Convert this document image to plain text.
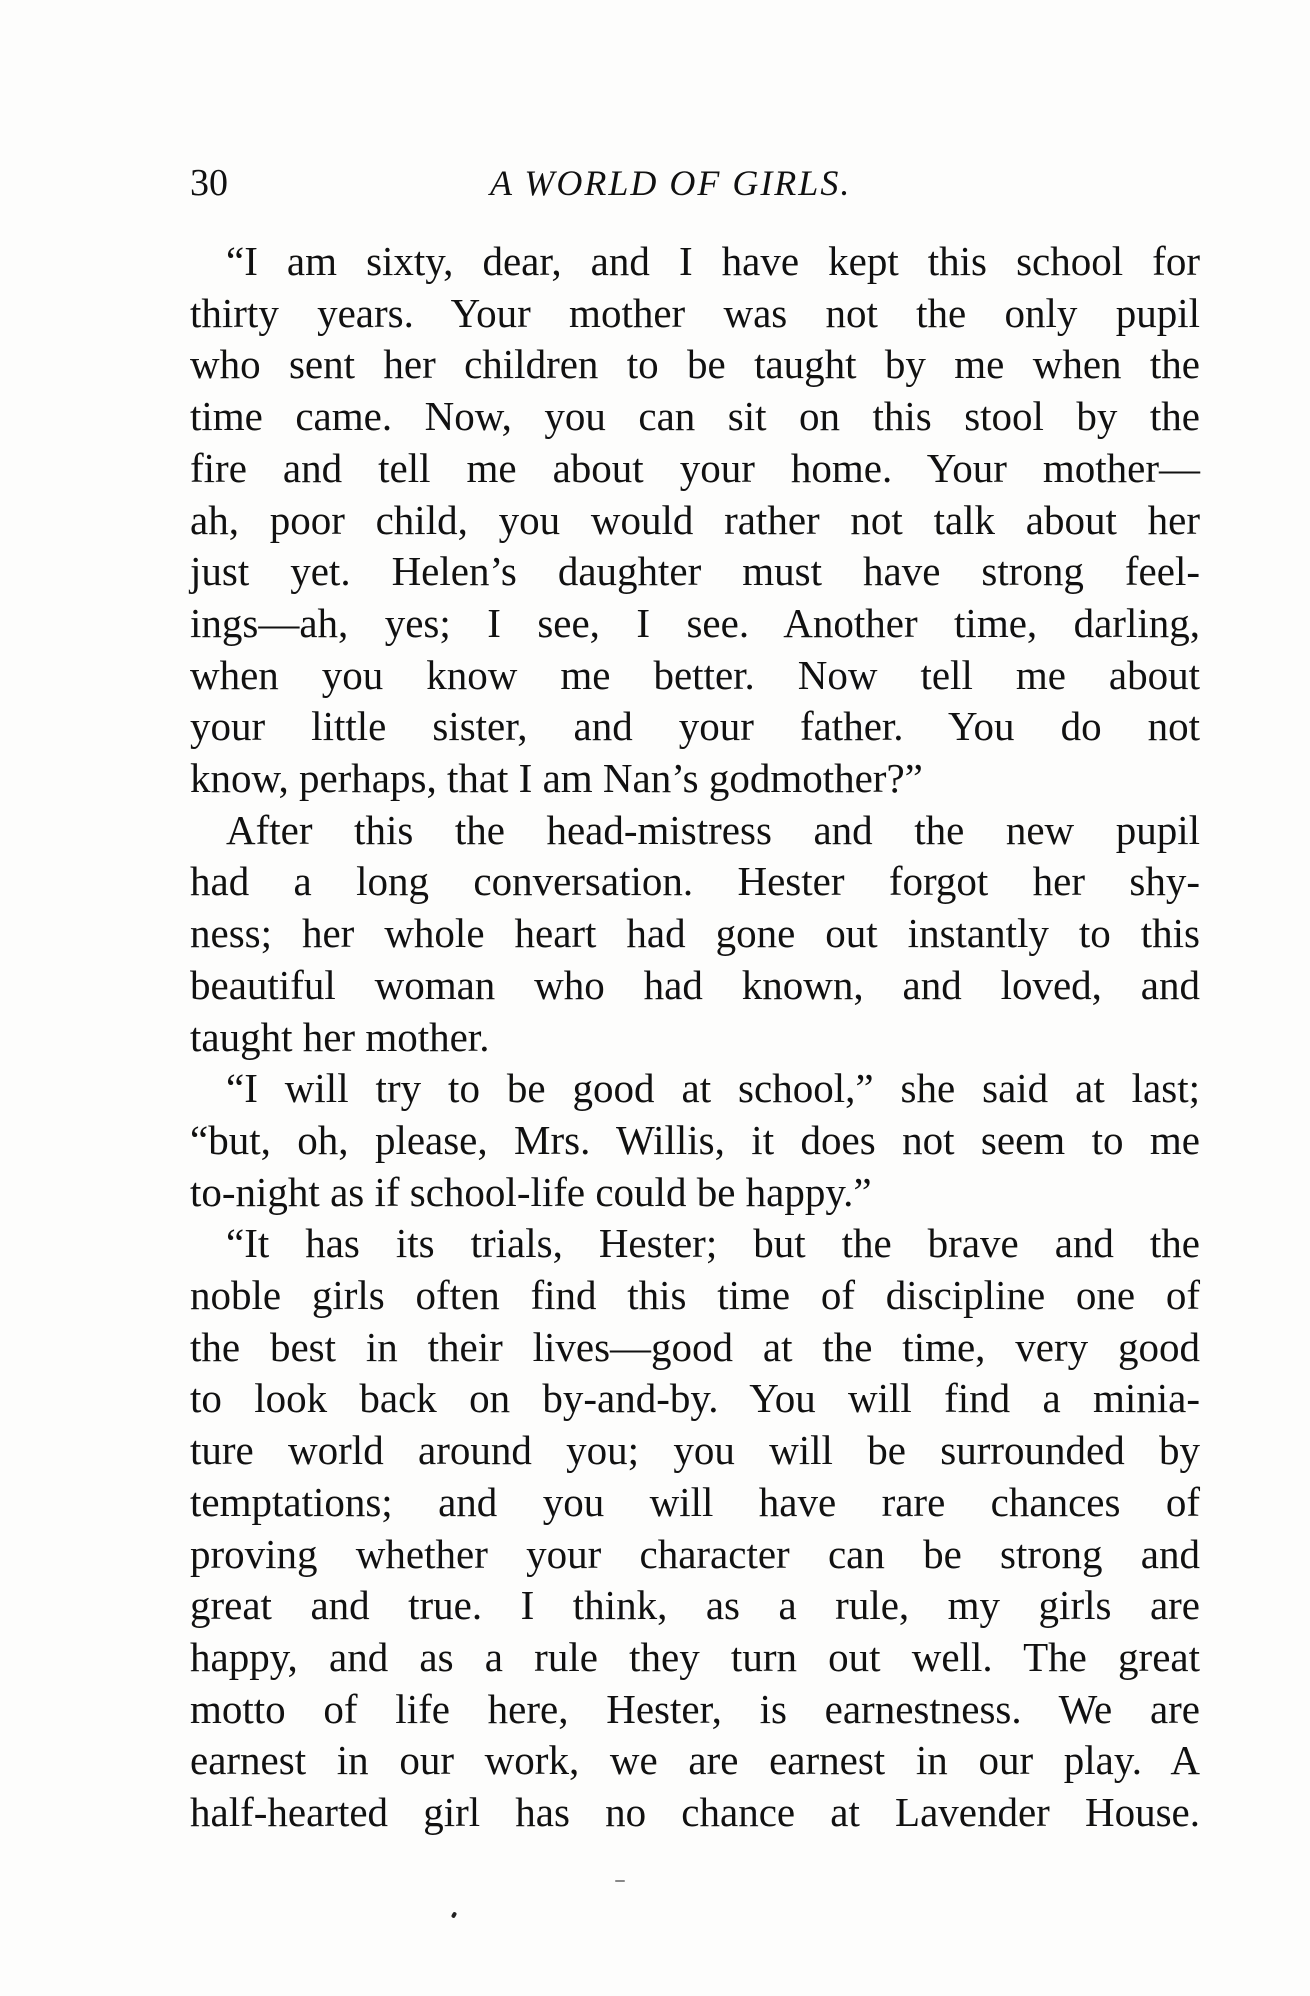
30	A WORLD OF GIRLS.

“I am sixty, dear, and I have kept this school for
thirty years. Your mother was not the only pupil
who sent her children to be taught by me when the
time came. Now, you can sit on this stool by the
fire and tell me about your home. Your mother—
ah, poor child, you would rather not talk about her
just yet. Helen’s daughter must have strong feel-
ings—ah, yes; I see, I see. Another time, darling,
when you know me better. Now tell me about
your little sister, and your father. You do not
know, perhaps, that I am Nan’s godmother?”

After this the head-mistress and the new pupil
had a long conversation. Hester forgot her shy-
ness; her whole heart had gone out instantly to this
beautiful woman who had known, and loved, and
taught her mother.

“I will try to be good at school,” she said at last;
“but, oh, please, Mrs. Willis, it does not seem to me
to-night as if school-life could be happy.”

“It has its trials, Hester; but the brave and the
noble girls often find this time of discipline one of
the best in their lives—good at the time, very good
to look back on by-and-by. You will find a minia-
ture world around you; you will be surrounded by
temptations; and you will have rare chances of
proving whether your character can be strong and
great and true. I think, as a rule, my girls are
happy, and as a rule they turn out well. The great
motto of life here, Hester, is earnestness. We are
earnest in our work, we are earnest in our play. A
half-hearted girl has no chance at Lavender House.
